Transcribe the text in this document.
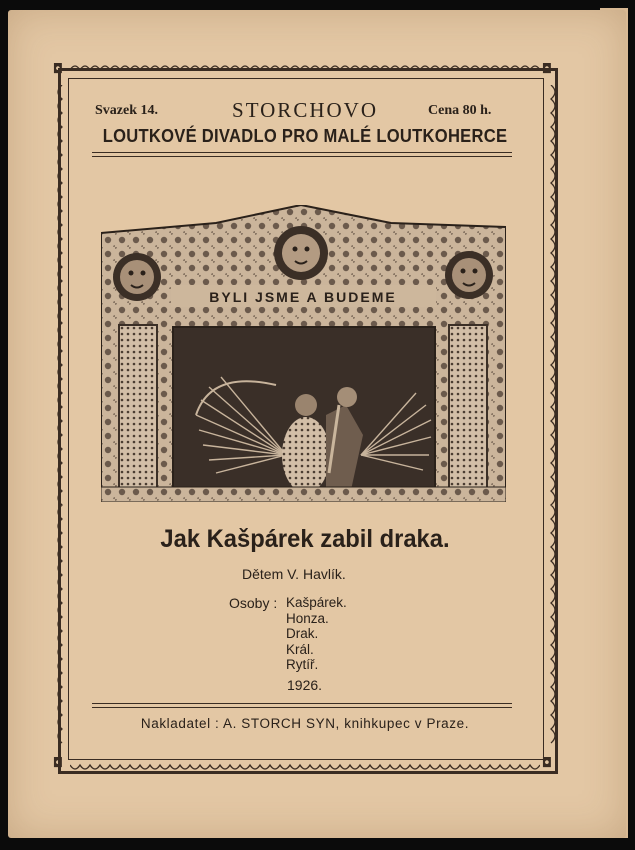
◘	◘
◘	◘
Svazek 14.	STORCHOVO	Cena 80 h.
LOUTKOVÉ DIVADLO PRO MALÉ LOUTKOHERCE
BYLI JSME A BUDEME
Jak Kašpárek zabil draka.
Dětem V. Havlík.
Osoby : Kašpárek.
Honza.
Drak.
Král.
Rytíř.
1926.
Nakladatel : A. STORCH SYN, knihkupec v Praze.
